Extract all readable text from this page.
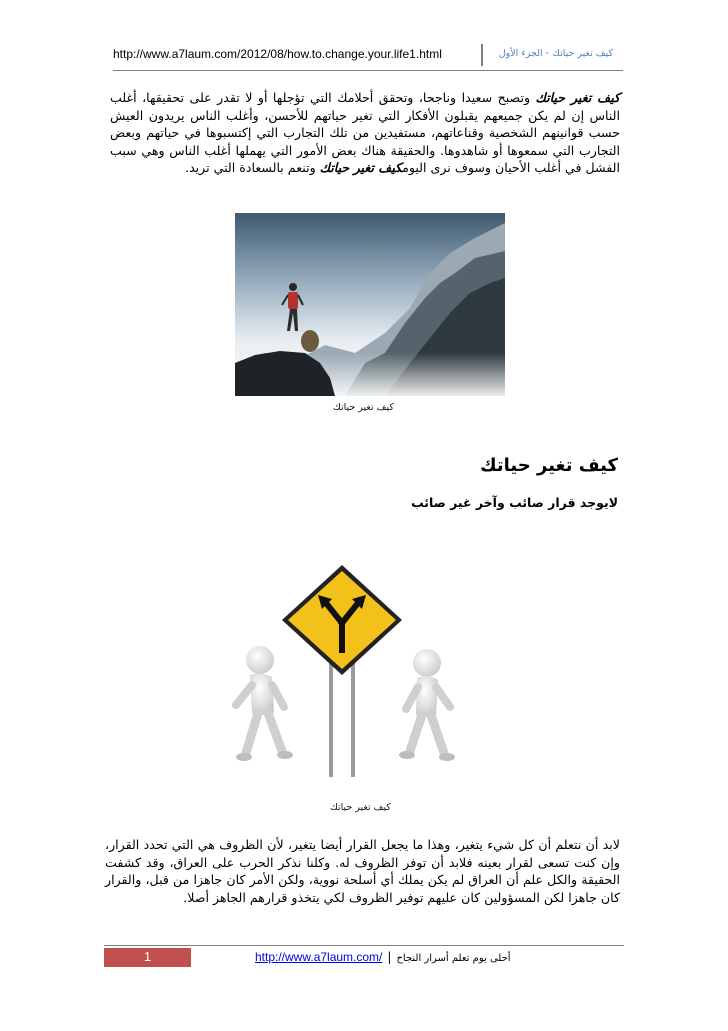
http://www.a7laum.com/2012/08/how.to.change.your.life1.html	كيف تغير حياتك - الجزء الأول

كيف تغير حياتك وتصبح سعيدا وناجحا، وتحقق أحلامك التي تؤجلها أو لا تقدر على تحقيقها، أغلب الناس إن لم يكن جميعهم يقبلون الأفكار التي تغير حياتهم للأحسن، وأغلب الناس يريدون العيش حسب قوانينهم الشخصية وقناعاتهم، مستفيدين من تلك التجارب التي إكتسبوها في حياتهم وبعض التجارب التي سمعوها أو شاهدوها. والحقيقة هناك بعض الأمور التي يهملها أغلب الناس وهي سبب الفشل في أغلب الأحيان وسوف نرى اليومكيف تغير حياتك وتنعم بالسعادة التي تريد.

كيف تغير حياتك
كيف تغير حياتك
لايوجد قرار صائب وآخر غير صائب
كيف تغير حياتك

لابد أن نتعلم أن كل شيء يتغير، وهذا ما يجعل القرار أيضا يتغير، لأن الظروف هي التي تحدد القرار، وإن كنت تسعى لقرار بعينه فلابد أن توفر الظروف له. وكلنا نذكر الحرب على العراق، وقد كشفت الحقيقة والكل علم أن العراق لم يكن يملك أي أسلحة نووية، ولكن الأمر كان جاهزا من قبل، والقرار كان جاهزا لكن المسؤولين كان عليهم توفير الظروف لكي يتخذو قرارهم الجاهز أصلا.

1	http://www.a7laum.com/ | أحلى يوم تعلم أسرار النجاح
